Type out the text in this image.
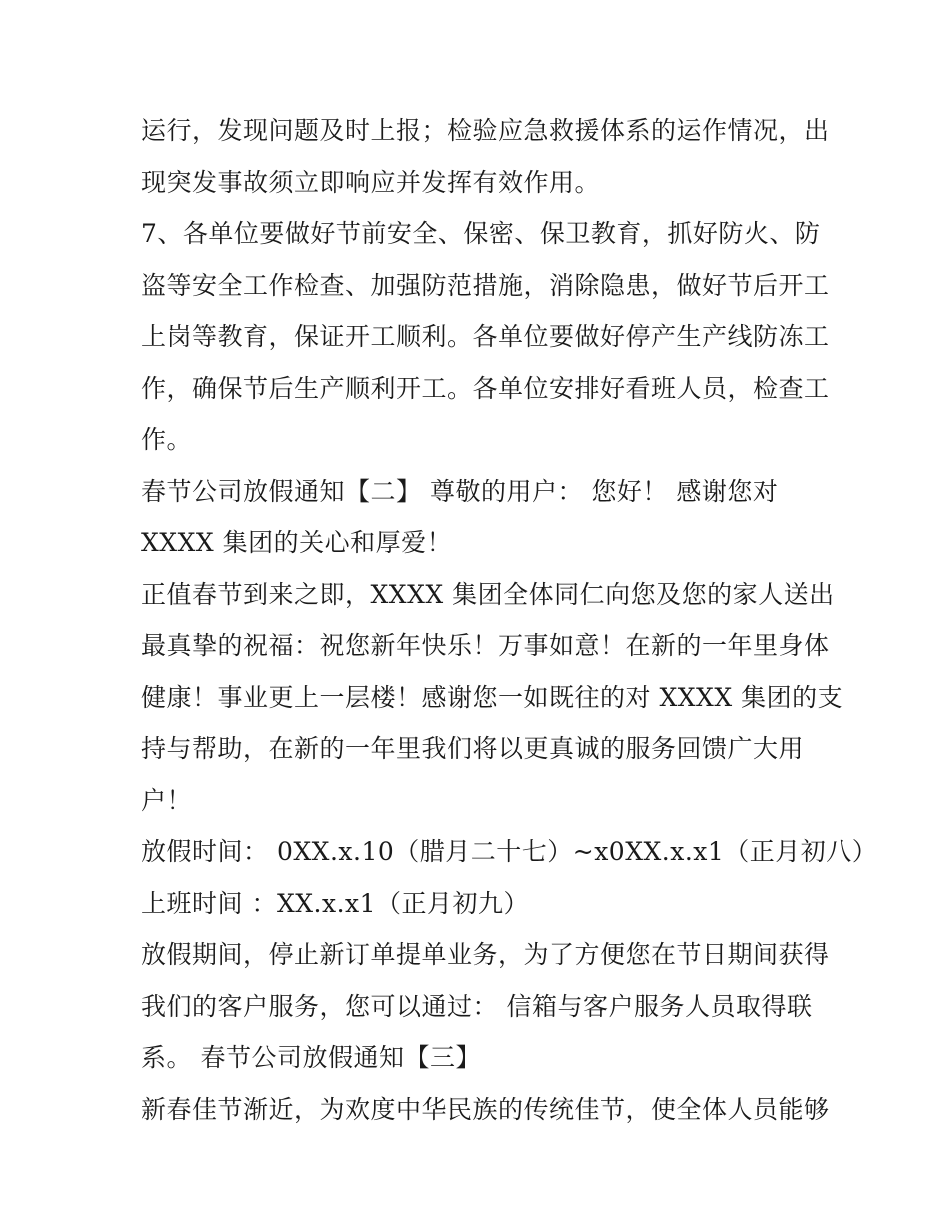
运行，发现问题及时上报；检验应急救援体系的运作情况，出
现突发事故须立即响应并发挥有效作用。
7、各单位要做好节前安全、保密、保卫教育，抓好防火、防
盗等安全工作检查、加强防范措施，消除隐患，做好节后开工
上岗等教育，保证开工顺利。各单位要做好停产生产线防冻工
作，确保节后生产顺利开工。各单位安排好看班人员，检查工
作。
春节公司放假通知【二】 尊敬的用户： 您好！ 感谢您对
XXXX 集团的关心和厚爱！
正值春节到来之即，XXXX 集团全体同仁向您及您的家人送出
最真挚的祝福：祝您新年快乐！万事如意！在新的一年里身体
健康！事业更上一层楼！感谢您一如既往的对 XXXX 集团的支
持与帮助，在新的一年里我们将以更真诚的服务回馈广大用
户！
放假时间： 0XX.x.10（腊月二十七）~x0XX.x.x1（正月初八）
上班时间 ：XX.x.x1（正月初九）
放假期间，停止新订单提单业务，为了方便您在节日期间获得
我们的客户服务，您可以通过： 信箱与客户服务人员取得联
系。 春节公司放假通知【三】
新春佳节渐近，为欢度中华民族的传统佳节，使全体人员能够
